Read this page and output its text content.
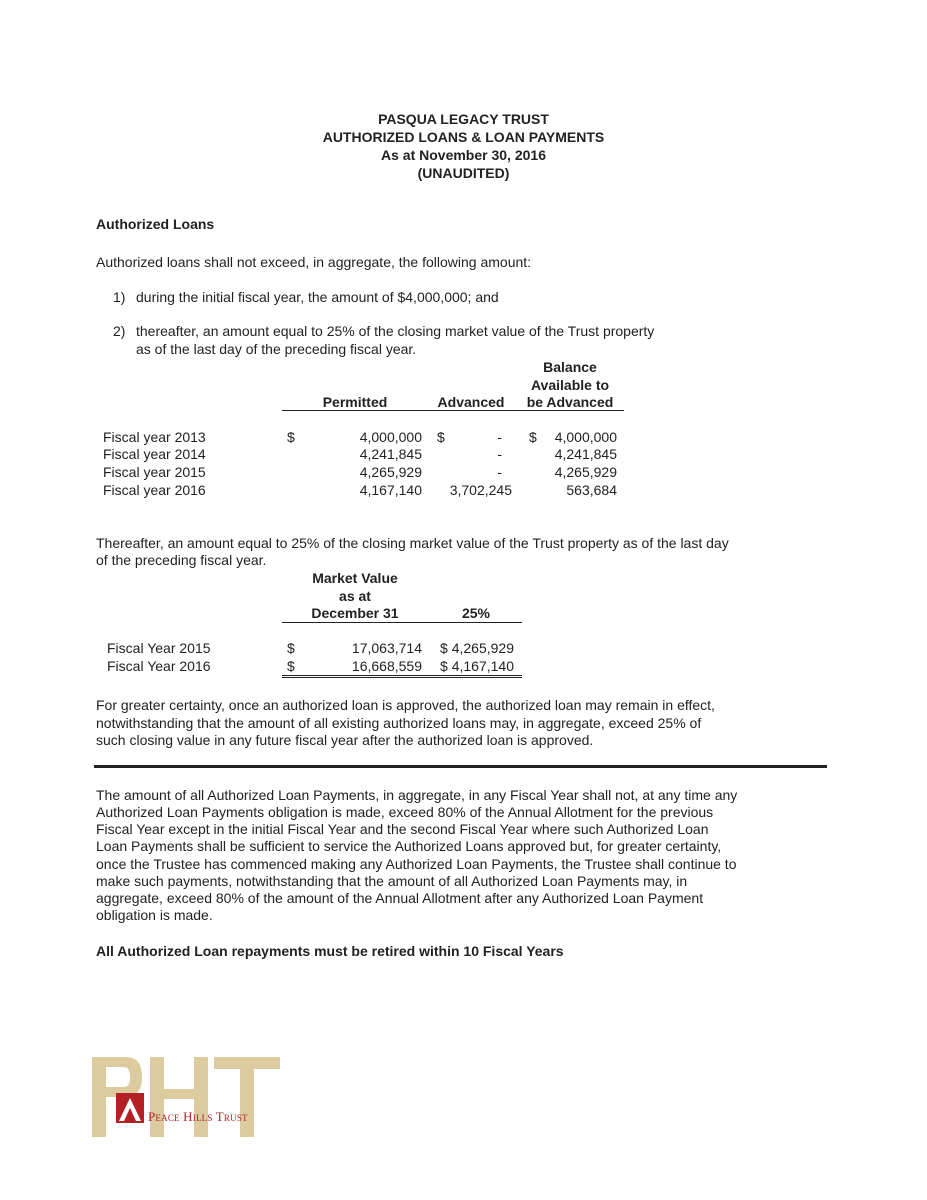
PASQUA LEGACY TRUST
AUTHORIZED LOANS & LOAN PAYMENTS
As at November 30, 2016
(UNAUDITED)
Authorized Loans
Authorized loans shall not exceed, in aggregate, the following amount:
1) during the initial fiscal year, the amount of $4,000,000; and
2) thereafter, an amount equal to 25% of the closing market value of the Trust property
as of the last day of the preceding fiscal year.
Balance
Available to
be Advanced
Permitted	Advanced
Fiscal year 2013	$	4,000,000 $	- $	4,000,000
Fiscal year 2014	4,241,845	-	4,241,845
Fiscal year 2015	4,265,929	-	4,265,929
Fiscal year 2016	4,167,140	3,702,245	563,684
Thereafter, an amount equal to 25% of the closing market value of the Trust property as of the last day
of the preceding fiscal year.
Market Value
as at
December 31	25%
Fiscal Year 2015	$	17,063,714	$ 4,265,929
Fiscal Year 2016	$	16,668,559	$ 4,167,140
For greater certainty, once an authorized loan is approved, the authorized loan may remain in effect,
notwithstanding that the amount of all existing authorized loans may, in aggregate, exceed 25% of
such closing value in any future fiscal year after the authorized loan is approved.
The amount of all Authorized Loan Payments, in aggregate, in any Fiscal Year shall not, at any time any
Authorized Loan Payments obligation is made, exceed 80% of the Annual Allotment for the previous
Fiscal Year except in the initial Fiscal Year and the second Fiscal Year where such Authorized Loan
Loan Payments shall be sufficient to service the Authorized Loans approved but, for greater certainty,
once the Trustee has commenced making any Authorized Loan Payments, the Trustee shall continue to
make such payments, notwithstanding that the amount of all Authorized Loan Payments may, in
aggregate, exceed 80% of the amount of the Annual Allotment after any Authorized Loan Payment
obligation is made.
All Authorized Loan repayments must be retired within 10 Fiscal Years
Peace Hills Trust
